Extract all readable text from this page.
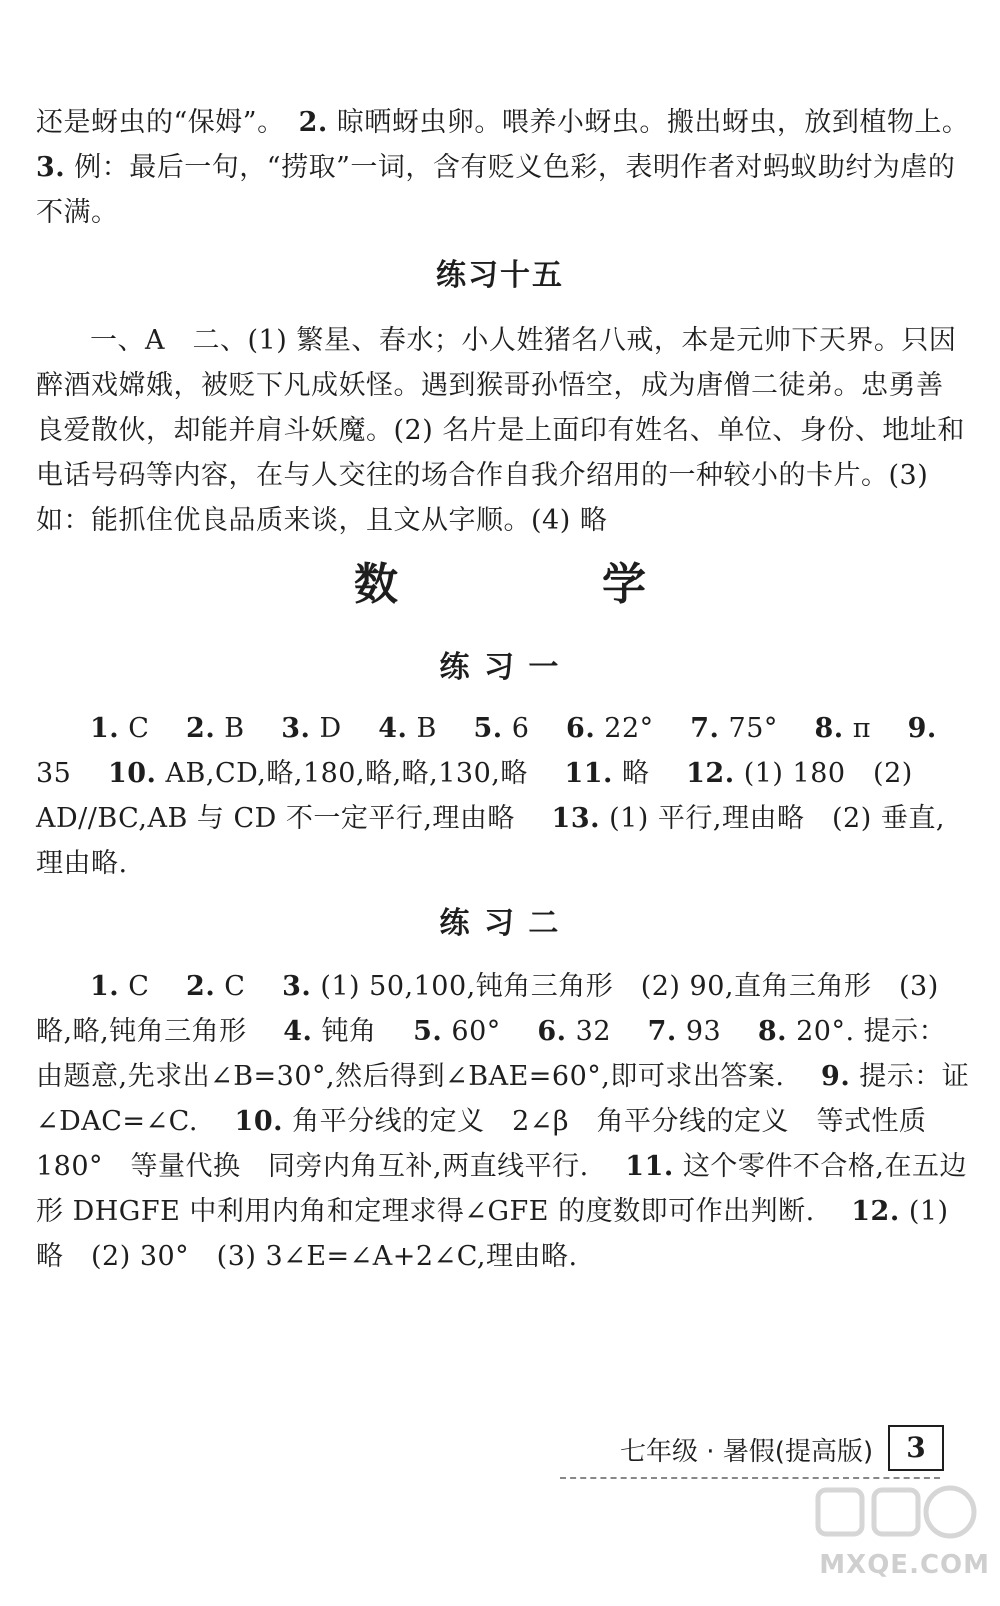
还是蚜虫的“保姆”。　 2. 晾晒蚜虫卵。喂养小蚜虫。搬出蚜虫，放到植物上。　3. 例：最后一句，“捞取”一词，含有贬义色彩，表明作者对蚂蚁助纣为虐的不满。

练习十五

一、A　二、(1) 繁星、春水；小人姓猪名八戒，本是元帅下天界。只因醉酒戏嫦娥，被贬下凡成妖怪。遇到猴哥孙悟空，成为唐僧二徒弟。忠勇善良爱散伙，却能并肩斗妖魔。(2) 名片是上面印有姓名、单位、身份、地址和电话号码等内容，在与人交往的场合作自我介绍用的一种较小的卡片。(3) 如：能抓住优良品质来谈，且文从字顺。(4) 略

数　学
练 习 一

1. C　 2. B　 3. D　 4. B　 5. 6　 6. 22°　 7. 75°　 8. π　 9. 35　 10. AB,CD,略,180,略,略,130,略　 11. 略　 12. (1) 180　(2) AD//BC,AB 与 CD 不一定平行,理由略　 13. (1) 平行,理由略　(2) 垂直,理由略.

练 习 二

1. C　 2. C　 3. (1) 50,100,钝角三角形　(2) 90,直角三角形　(3) 略,略,钝角三角形　 4. 钝角　 5. 60°　 6. 32　 7. 93　 8. 20°. 提示：由题意,先求出∠B=30°,然后得到∠BAE=60°,即可求出答案.　 9. 提示：证∠DAC=∠C.　 10. 角平分线的定义　2∠β　角平分线的定义　等式性质　180°　等量代换　同旁内角互补,两直线平行.　 11. 这个零件不合格,在五边形 DHGFE 中利用内角和定理求得∠GFE 的度数即可作出判断.　 12. (1) 略　(2) 30°　(3) 3∠E=∠A+2∠C,理由略.

七年级 · 暑假(提高版)	3
MXQE.COM
